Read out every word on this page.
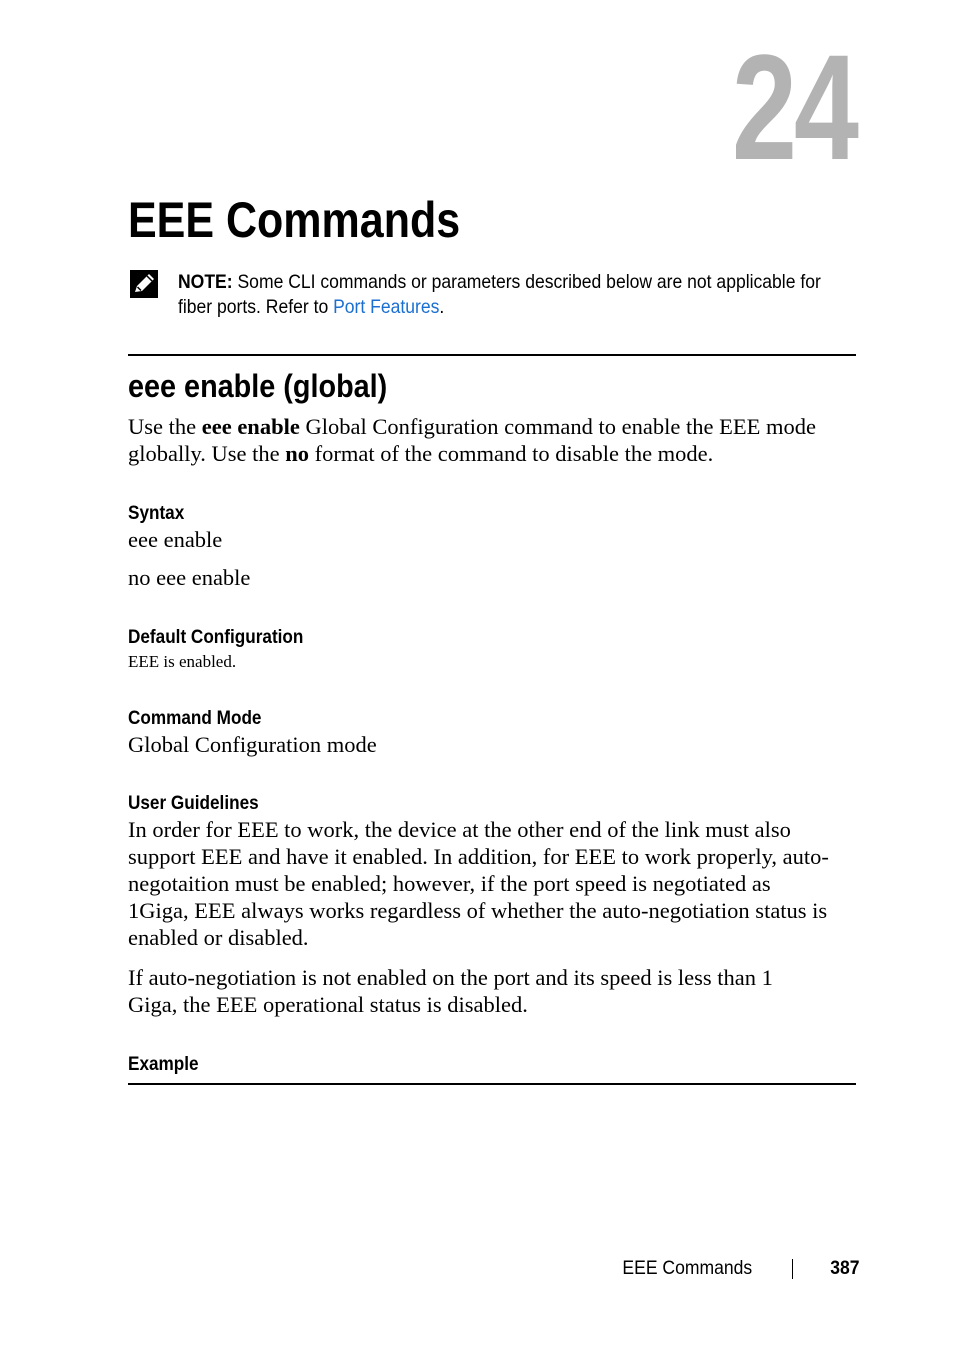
24
EEE Commands
NOTE: Some CLI commands or parameters described below are not applicable for
fiber ports. Refer to Port Features.
eee enable (global)

Use the eee enable Global Configuration command to enable the EEE mode
globally. Use the no format of the command to disable the mode.

Syntax
eee enable
no eee enable
Default Configuration

EEE is enabled.

Command Mode

Global Configuration mode

User Guidelines

In order for EEE to work, the device at the other end of the link must also
support EEE and have it enabled. In addition, for EEE to work properly, auto-
negotaition must be enabled; however, if the port speed is negotiated as
1Giga, EEE always works regardless of whether the auto-negotiation status is
enabled or disabled.

If auto-negotiation is not enabled on the port and its speed is less than 1
Giga, the EEE operational status is disabled.

Example
EEE Commands	387
